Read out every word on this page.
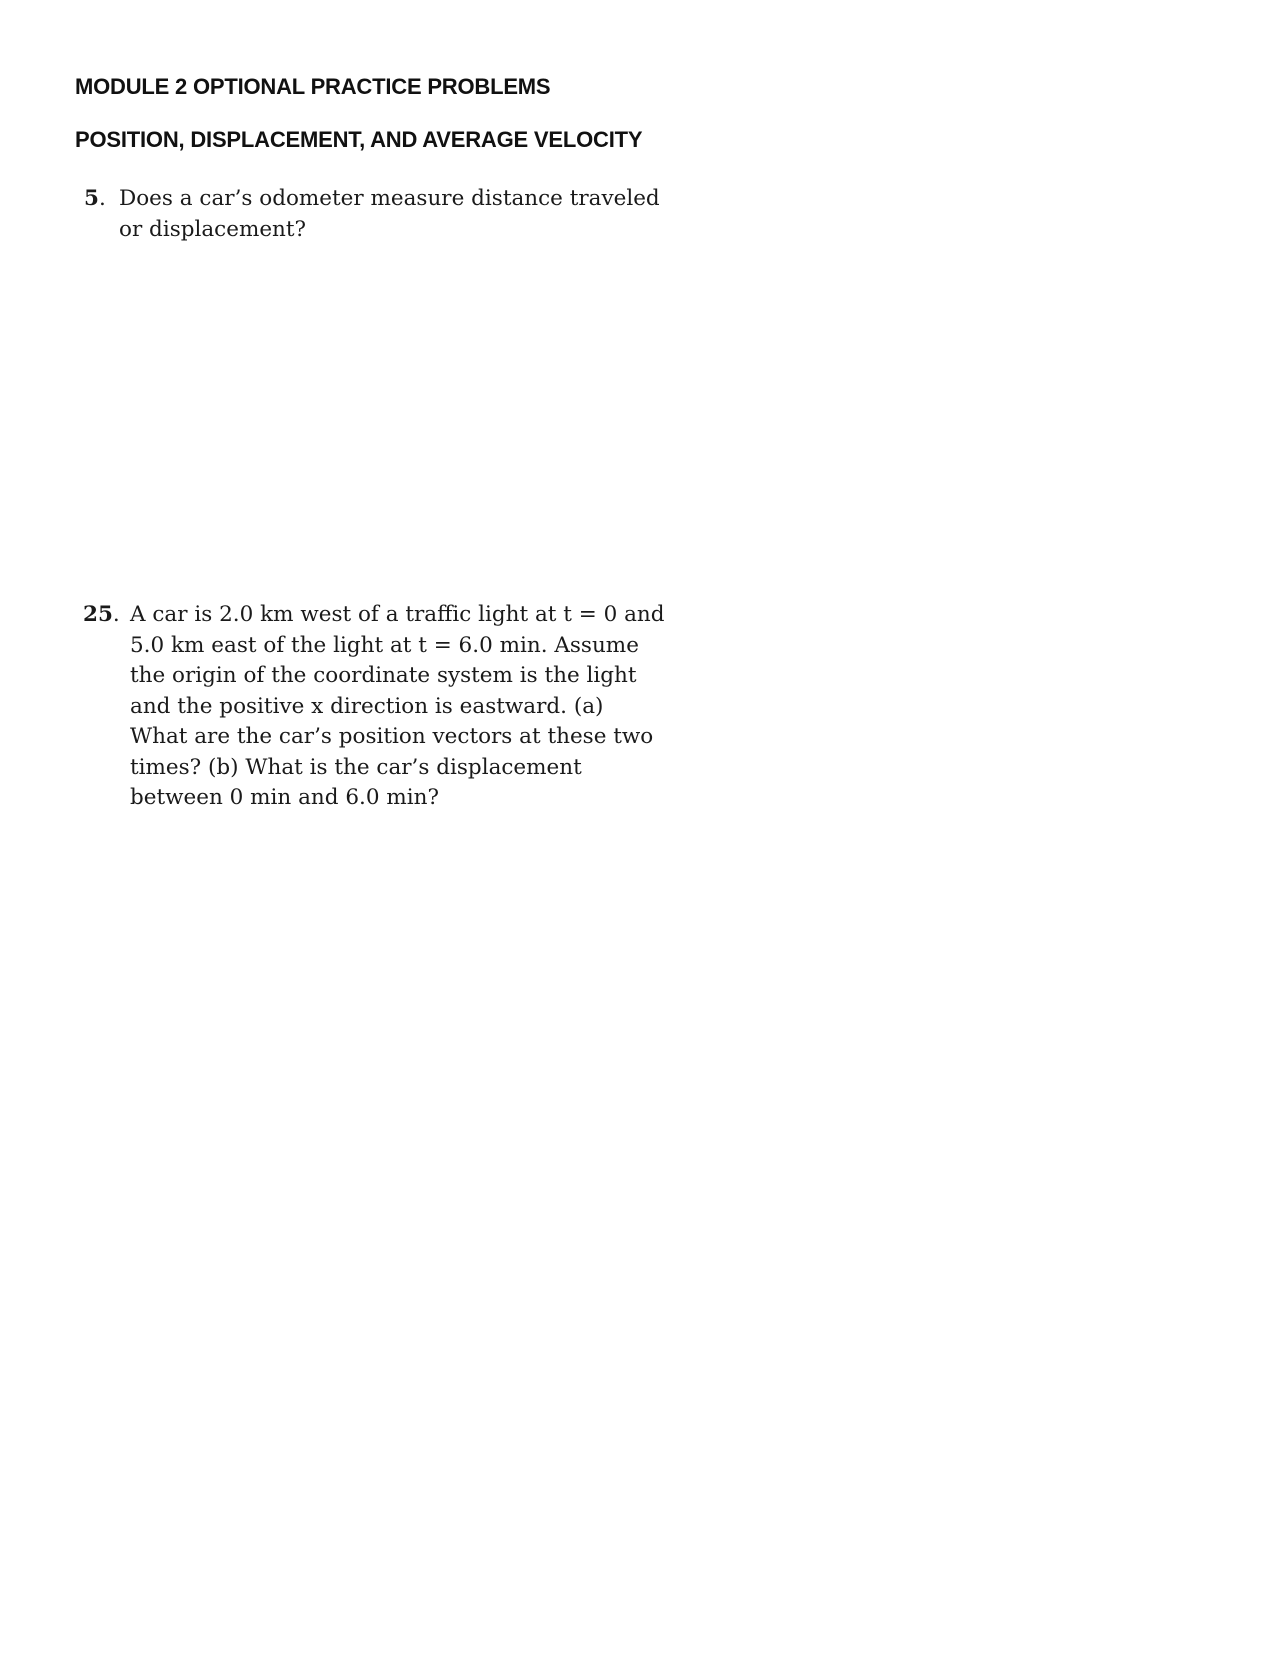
MODULE 2 OPTIONAL PRACTICE PROBLEMS
POSITION, DISPLACEMENT, AND AVERAGE VELOCITY
5. Does a car’s odometer measure distance traveled
or displacement?
25. A car is 2.0 km west of a traffic light at t = 0 and
5.0 km east of the light at t = 6.0 min. Assume
the origin of the coordinate system is the light
and the positive x direction is eastward. (a)
What are the car’s position vectors at these two
times? (b) What is the car’s displacement
between 0 min and 6.0 min?
